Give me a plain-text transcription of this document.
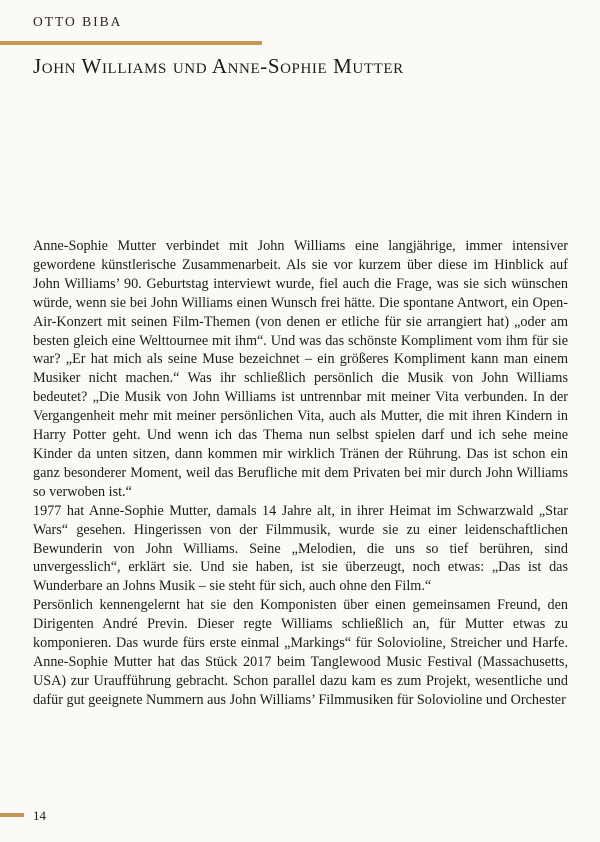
OTTO BIBA
John Williams und Anne-Sophie Mutter

Anne-Sophie Mutter verbindet mit John Williams eine langjährige, immer intensiver gewordene künstlerische Zusammenarbeit. Als sie vor kurzem über diese im Hinblick auf John Williams’ 90. Geburtstag interviewt wurde, fiel auch die Frage, was sie sich wünschen würde, wenn sie bei John Williams einen Wunsch frei hätte. Die spontane Antwort, ein Open-Air-Konzert mit seinen Film-Themen (von denen er etliche für sie arrangiert hat) „oder am besten gleich eine Welttournee mit ihm“. Und was das schönste Kompliment vom ihm für sie war? „Er hat mich als seine Muse bezeichnet – ein größeres Kompliment kann man einem Musiker nicht machen.“ Was ihr schließlich persönlich die Musik von John Williams bedeutet? „Die Musik von John Williams ist untrennbar mit meiner Vita verbunden. In der Vergangenheit mehr mit meiner persönlichen Vita, auch als Mutter, die mit ihren Kindern in Harry Potter geht. Und wenn ich das Thema nun selbst spielen darf und ich sehe meine Kinder da unten sitzen, dann kommen mir wirklich Tränen der Rührung. Das ist schon ein ganz besonderer Moment, weil das Berufliche mit dem Privaten bei mir durch John Williams so verwoben ist.“

1977 hat Anne-Sophie Mutter, damals 14 Jahre alt, in ihrer Heimat im Schwarzwald „Star Wars“ gesehen. Hingerissen von der Filmmusik, wurde sie zu einer leidenschaftlichen Bewunderin von John Williams. Seine „Melodien, die uns so tief berühren, sind unvergesslich“, erklärt sie. Und sie haben, ist sie überzeugt, noch etwas: „Das ist das Wunderbare an Johns Musik – sie steht für sich, auch ohne den Film.“

Persönlich kennengelernt hat sie den Komponisten über einen gemeinsamen Freund, den Dirigenten André Previn. Dieser regte Williams schließlich an, für Mutter etwas zu komponieren. Das wurde fürs erste einmal „Markings“ für Solovioline, Streicher und Harfe. Anne-Sophie Mutter hat das Stück 2017 beim Tanglewood Music Festival (Massachusetts, USA) zur Uraufführung gebracht. Schon parallel dazu kam es zum Projekt, wesentliche und dafür gut geeignete Nummern aus John Williams’ Filmmusiken für Solovioline und Orchester

14
